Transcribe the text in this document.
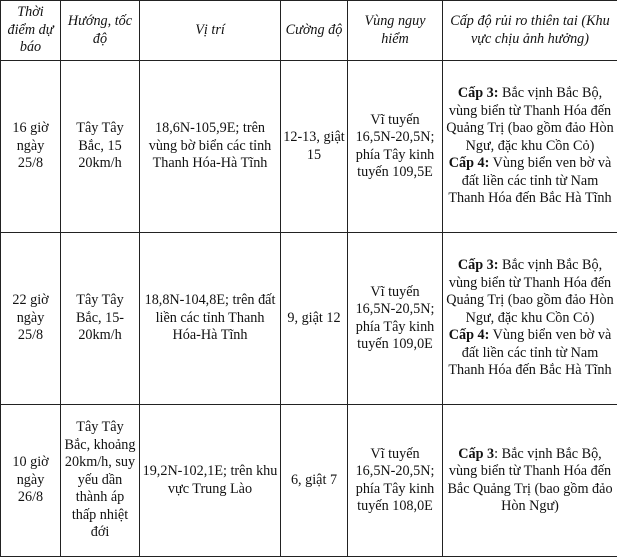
Thời điểm dự báo	Hướng, tốc độ	Vị trí	Cường độ	Vùng nguy hiểm	Cấp độ rủi ro thiên tai (Khu vực chịu ảnh hưởng)
16 giờ ngày 25/8	Tây Tây Bắc, 15 20km/h	18,6N-105,9E; trên vùng bờ biển các tỉnh Thanh Hóa-Hà Tĩnh	12-13, giật 15	Vĩ tuyến 16,5N-20,5N; phía Tây kinh tuyến 109,5E	Cấp 3: Bắc vịnh Bắc Bộ, vùng biển từ Thanh Hóa đến Quảng Trị (bao gồm đảo Hòn Ngư, đặc khu Cồn Cỏ)
Cấp 4: Vùng biển ven bờ và đất liền các tỉnh từ Nam Thanh Hóa đến Bắc Hà Tĩnh

22 giờ ngày 25/8	Tây Tây Bắc, 15-20km/h	18,8N-104,8E; trên đất liền các tỉnh Thanh Hóa-Hà Tĩnh	9, giật 12	Vĩ tuyến 16,5N-20,5N; phía Tây kinh tuyến 109,0E	Cấp 3: Bắc vịnh Bắc Bộ, vùng biển từ Thanh Hóa đến Quảng Trị (bao gồm đảo Hòn Ngư, đặc khu Cồn Cỏ)
Cấp 4: Vùng biển ven bờ và đất liền các tỉnh từ Nam Thanh Hóa đến Bắc Hà Tĩnh

10 giờ ngày 26/8	Tây Tây Bắc, khoảng 20km/h, suy yếu dần thành áp thấp nhiệt đới	19,2N-102,1E; trên khu vực Trung Lào	6, giật 7	Vĩ tuyến 16,5N-20,5N; phía Tây kinh tuyến 108,0E	Cấp 3: Bắc vịnh Bắc Bộ, vùng biển từ Thanh Hóa đến Bắc Quảng Trị (bao gồm đảo Hòn Ngư)
